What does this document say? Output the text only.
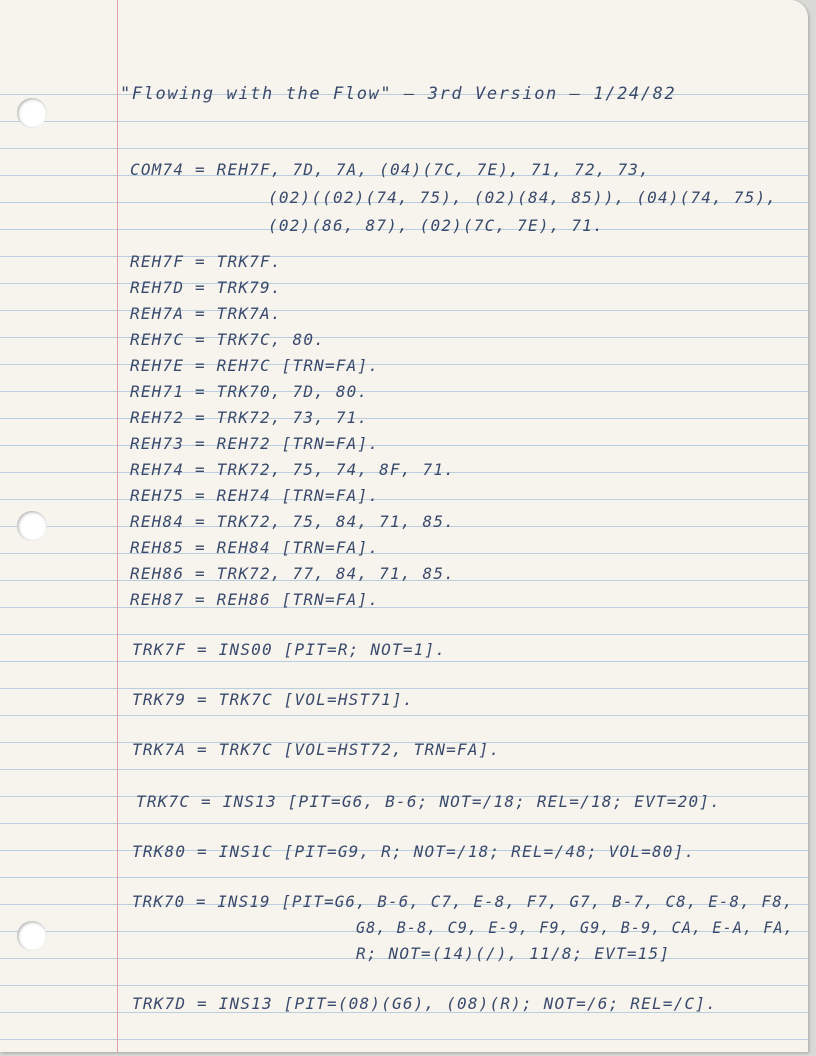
"Flowing with the Flow" — 3rd Version — 1/24/82
COM74 = REH7F, 7D, 7A, (04)(7C, 7E), 71, 72, 73,
(02)((02)(74, 75), (02)(84, 85)), (04)(74, 75),
(02)(86, 87), (02)(7C, 7E), 71.
REH7F = TRK7F.
REH7D = TRK79.
REH7A = TRK7A.
REH7C = TRK7C, 80.
REH7E = REH7C [TRN=FA].
REH71 = TRK70, 7D, 80.
REH72 = TRK72, 73, 71.
REH73 = REH72 [TRN=FA].
REH74 = TRK72, 75, 74, 8F, 71.
REH75 = REH74 [TRN=FA].
REH84 = TRK72, 75, 84, 71, 85.
REH85 = REH84 [TRN=FA].
REH86 = TRK72, 77, 84, 71, 85.
REH87 = REH86 [TRN=FA].
TRK7F = INS00 [PIT=R; NOT=1].
TRK79 = TRK7C [VOL=HST71].
TRK7A = TRK7C [VOL=HST72, TRN=FA].
TRK7C = INS13 [PIT=G6, B-6; NOT=/18; REL=/18; EVT=20].
TRK80 = INS1C [PIT=G9, R; NOT=/18; REL=/48; VOL=80].
TRK70 = INS19 [PIT=G6, B-6, C7, E-8, F7, G7, B-7, C8, E-8, F8,
G8, B-8, C9, E-9, F9, G9, B-9, CA, E-A, FA,
R; NOT=(14)(/), 11/8; EVT=15]
TRK7D = INS13 [PIT=(08)(G6), (08)(R); NOT=/6; REL=/C].
